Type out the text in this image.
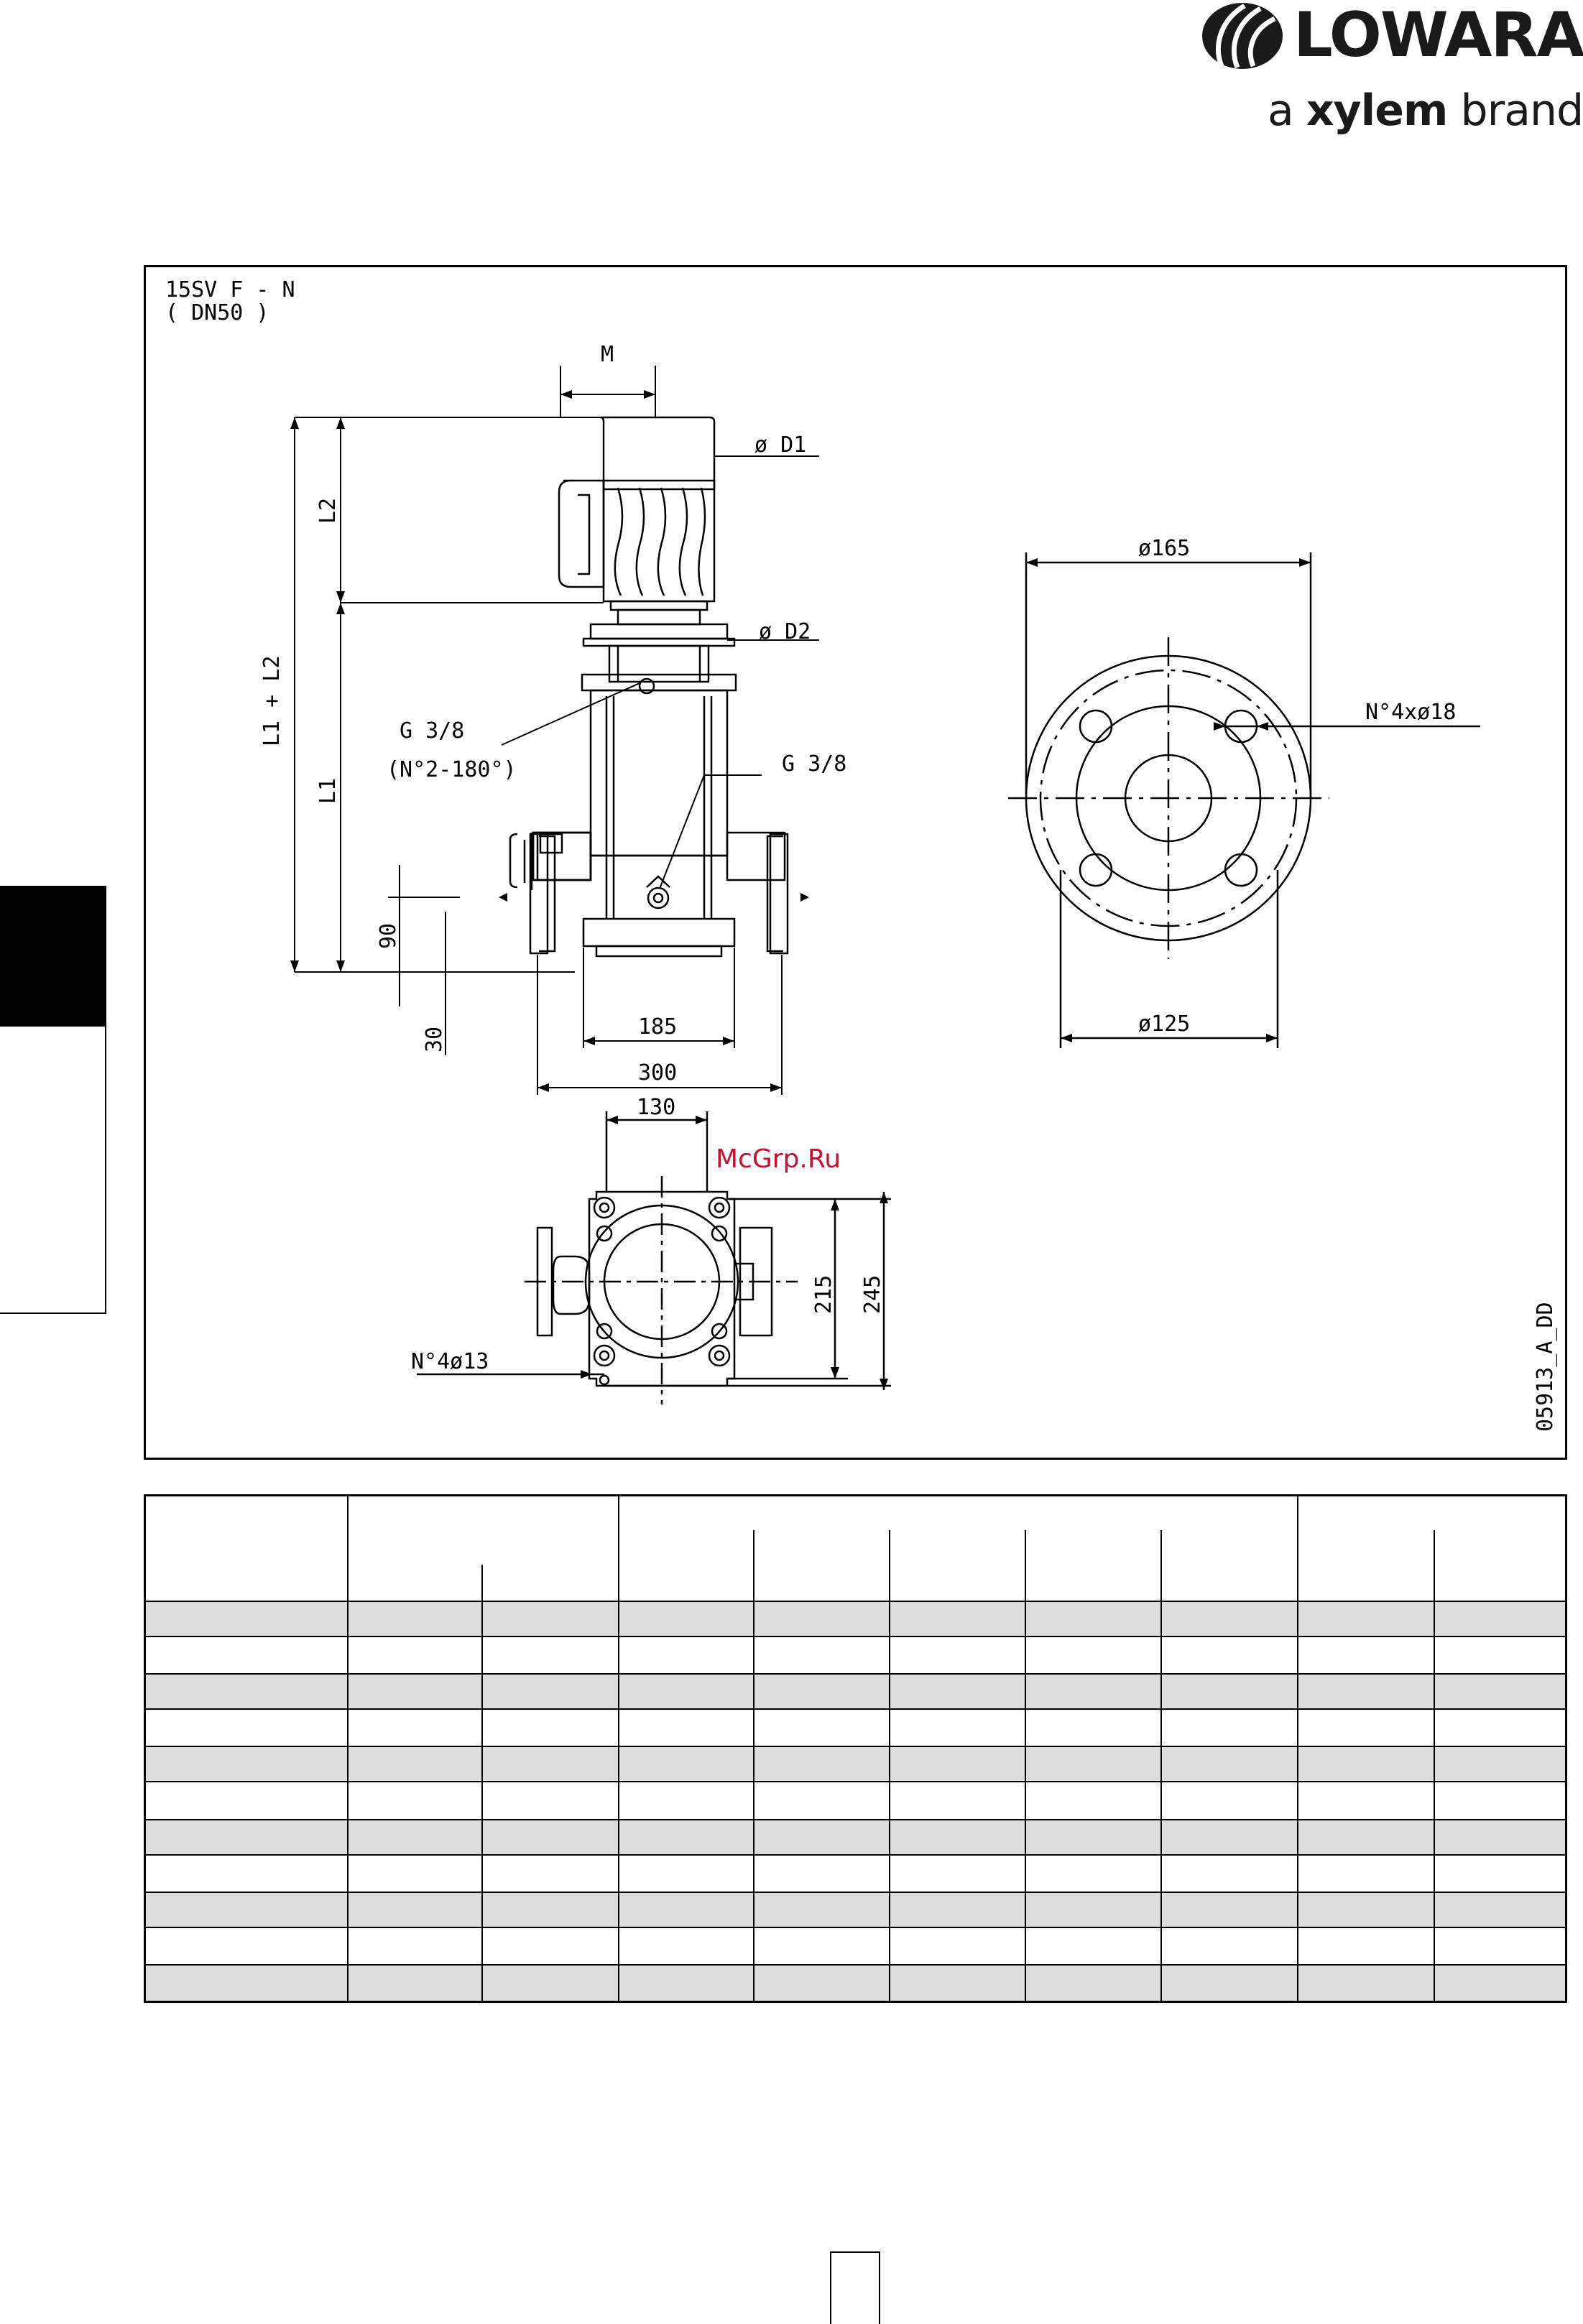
LOWARA
a xylem brand
15SV F - N
( DN50 )
M
ø D1
ø D2
L1 + L2
L2
L1
G 3/8
(N°2-180°)	G 3/8
90
30	185
300
ø165
ø125
N°4xø18
130
215 245
N°4ø13
McGrp.Ru
05913_A_DD
